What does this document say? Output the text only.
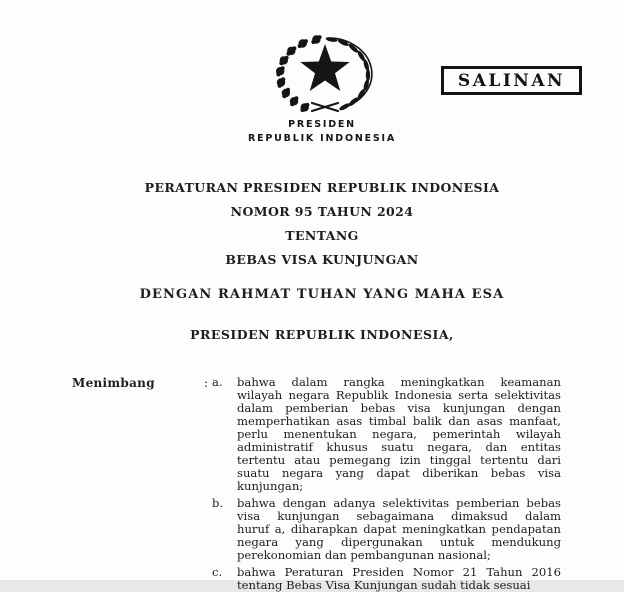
PRESIDEN
REPUBLIK INDONESIA
SALINAN
PERATURAN PRESIDEN REPUBLIK INDONESIA
NOMOR 95 TAHUN 2024
TENTANG
BEBAS VISA KUNJUNGAN
DENGAN RAHMAT TUHAN YANG MAHA ESA
PRESIDEN REPUBLIK INDONESIA,
Menimbang	: a.	bahwa dalam rangka meningkatkan keamanan
wilayah negara Republik Indonesia serta selektivitas
dalam pemberian bebas visa kunjungan dengan
memperhatikan asas timbal balik dan asas manfaat,
perlu menentukan negara, pemerintah wilayah
administratif khusus suatu negara, dan entitas
tertentu atau pemegang izin tinggal tertentu dari
suatu negara yang dapat diberikan bebas visa
kunjungan;
b.	bahwa dengan adanya selektivitas pemberian bebas
visa kunjungan sebagaimana dimaksud dalam
huruf a, diharapkan dapat meningkatkan pendapatan
negara yang dipergunakan untuk mendukung
perekonomian dan pembangunan nasional;
c.	bahwa Peraturan Presiden Nomor 21 Tahun 2016
tentang Bebas Visa Kunjungan sudah tidak sesuai
